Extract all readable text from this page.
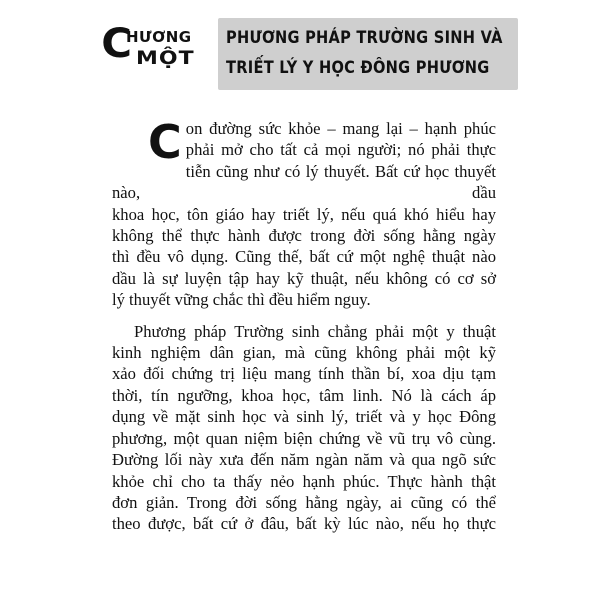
C
HƯƠNG
MỘT
PHƯƠNG PHÁP TRƯỜNG SINH VÀ
TRIẾT LÝ Y HỌC ĐÔNG PHƯƠNG
C on đường sức khỏe – mang lại – hạnh phúc
phải mở cho tất cả mọi người; nó phải thực
tiễn cũng như có lý thuyết. Bất cứ học thuyết nào, dầu
khoa học, tôn giáo hay triết lý, nếu quá khó hiểu hay
không thể thực hành được trong đời sống hằng ngày
thì đều vô dụng. Cũng thế, bất cứ một nghệ thuật nào
dầu là sự luyện tập hay kỹ thuật, nếu không có cơ sở
lý thuyết vững chắc thì đều hiểm nguy.
Phương pháp Trường sinh chẳng phải một y thuật
kinh nghiệm dân gian, mà cũng không phải một kỹ
xảo đối chứng trị liệu mang tính thần bí, xoa dịu tạm
thời, tín ngưỡng, khoa học, tâm linh. Nó là cách áp
dụng về mặt sinh học và sinh lý, triết và y học Đông
phương, một quan niệm biện chứng về vũ trụ vô cùng.
Đường lối này xưa đến năm ngàn năm và qua ngõ sức
khỏe chỉ cho ta thấy nẻo hạnh phúc. Thực hành thật
đơn giản. Trong đời sống hằng ngày, ai cũng có thể
theo được, bất cứ ở đâu, bất kỳ lúc nào, nếu họ thực
